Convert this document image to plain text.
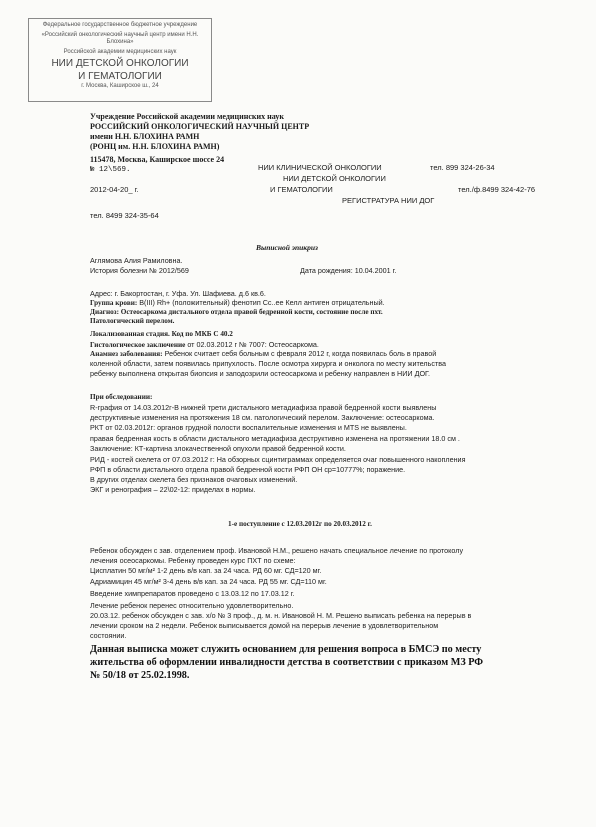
Федеральное государственное бюджетное учреждение
«Российский онкологический научный центр имени Н.Н. Блохина»
Российской академии медицинских наук
НИИ ДЕТСКОЙ ОНКОЛОГИИ
И ГЕМАТОЛОГИИ
г. Москва, Каширское ш., 24
Учреждение Российской академии медицинских наук
РОССИЙСКИЙ ОНКОЛОГИЧЕСКИЙ НАУЧНЫЙ ЦЕНТР
имени Н.Н. БЛОХИНА РАМН
(РОНЦ им. Н.Н. БЛОХИНА РАМН)
115478, Москва, Каширское шоссе 24
№ 12\569.
2012-04-20_ г.
тел. 8499 324-35-64
НИИ КЛИНИЧЕСКОЙ ОНКОЛОГИИ	тел. 899 324-26-34
НИИ ДЕТСКОЙ ОНКОЛОГИИ
И ГЕМАТОЛОГИИ	тел./ф.8499 324-42-76
РЕГИСТРАТУРА НИИ ДОГ
Выписной эпикриз
Аглямова Алия Рамиловна.
История болезни № 2012/569	Дата рождения: 10.04.2001 г.
Адрес: г. Бакортостан, г. Уфа. Ул. Шафиева. д.6 кв.6.
Группа крови: B(III) Rh+ (положительный) фенотип Cc..ee Келл антиген отрицательный.
Диагноз: Остеосаркома дистального отдела правой бедренной кости, состояние после пхт.
Патологический перелом.
Локализованная стадия. Код по МКБ С 40.2
Гистологическое заключение от 02.03.2012 г № 7007: Остеосаркома.
Анамнез заболевания: Ребенок считает себя больным с февраля 2012 г, когда появилась боль в правой
коленной области, затем появилась припухлость. После осмотра хирурга и онколога по месту жительства
ребенку выполнена открытая биопсия и заподозрили остеосаркома и ребенку направлен в НИИ ДОГ.
При обследовании:
R-графия от 14.03.2012г-В нижней трети дистального метадиафиза правой бедренной кости выявлены
деструктивные изменения на протяжения 18 см. патологический перелом. Заключение: остеосаркома.
РКТ от 02.03.2012г: органов грудной полости воспалительные изменения и MTS не выявлены.
правая бедренная кость в области дистального метадиафиза деструктивно изменена на протяжении 18.0 см .
Заключение: КТ-картина злокачественной опухоли правой бедренной кости.
РИД - костей скелета от 07.03.2012 г: На обзорных сцинтиграммах определяется очаг повышенного накопления
РФП в области дистального отдела правой бедренной кости РФП ОН ср=10777%; поражение.
В других отделах скелета без признаков очаговых изменений.
ЭКГ и ренография – 22\02-12: приделах в нормы.
1-е поступление с 12.03.2012г по 20.03.2012 г.
Ребенок обсужден с зав. отделением проф. Ивановой Н.М., решено начать специальное лечение по протоколу
лечения осеосаркомы. Ребенку проведен курс ПХТ по схеме:
Цисплатин 50 мг/м² 1-2 день в/в кап. за 24 часа. РД 60 мг. СД=120 мг.
Адриамицин 45 мг/м² 3-4 день в/в кап. за 24 часа. РД 55 мг. СД=110 мг.
Введение химпрепаратов проведено с 13.03.12 по 17.03.12 г.
Лечение ребенок перенес относительно удовлетворительно.
20.03.12. ребенок обсужден с зав. х/о № 3 проф., д. м. н. Ивановой Н. М. Решено выписать ребенка на перерыв в
лечении сроком на 2 недели. Ребенок выписывается домой на перерыв лечение в удовлетворительном
состоянии.
Данная выписка может служить основанием для решения вопроса в БМСЭ по месту
жительства об оформлении инвалидности детства в соответствии с приказом МЗ РФ
№ 50/18 от 25.02.1998.
